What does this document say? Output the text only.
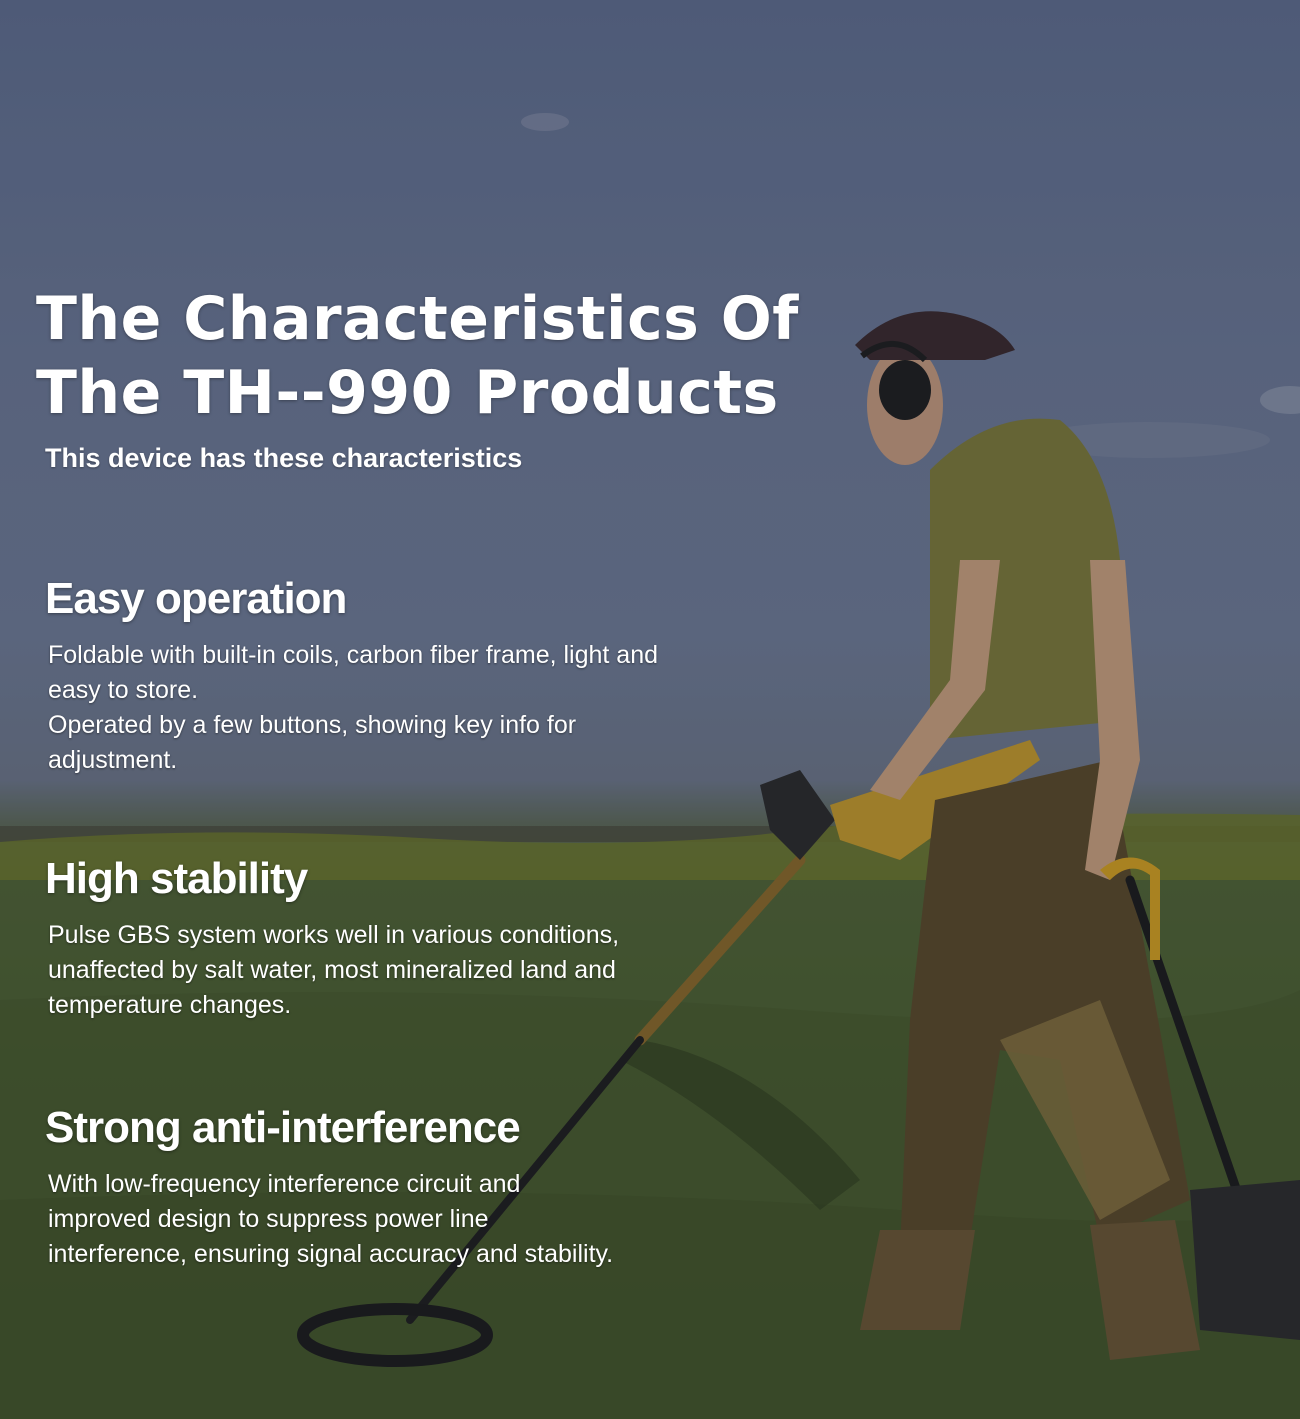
The Characteristics Of
The TH--990 Products

This device has these characteristics

Easy operation

Foldable with built-in coils, carbon fiber frame, light and
easy to store.
Operated by a few buttons, showing key info for
adjustment.

High stability

Pulse GBS system works well in various conditions,
unaffected by salt water, most mineralized land and
temperature changes.

Strong anti-interference

With low-frequency interference circuit and
improved design to suppress power line
interference, ensuring signal accuracy and stability.
